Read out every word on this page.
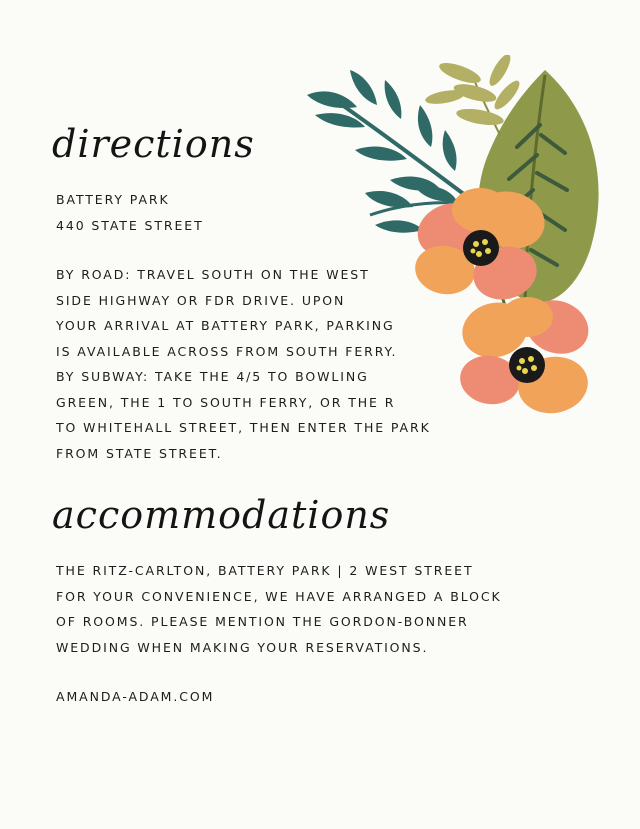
directions
BATTERY PARK
440 STATE STREET
BY ROAD: TRAVEL SOUTH ON THE WEST
SIDE HIGHWAY OR FDR DRIVE. UPON
YOUR ARRIVAL AT BATTERY PARK, PARKING
IS AVAILABLE ACROSS FROM SOUTH FERRY.
BY SUBWAY: TAKE THE 4/5 TO BOWLING
GREEN, THE 1 TO SOUTH FERRY, OR THE R
TO WHITEHALL STREET, THEN ENTER THE PARK
FROM STATE STREET.
accommodations
THE RITZ-CARLTON, BATTERY PARK | 2 WEST STREET
FOR YOUR CONVENIENCE, WE HAVE ARRANGED A BLOCK
OF ROOMS. PLEASE MENTION THE GORDON-BONNER
WEDDING WHEN MAKING YOUR RESERVATIONS.
AMANDA-ADAM.COM
